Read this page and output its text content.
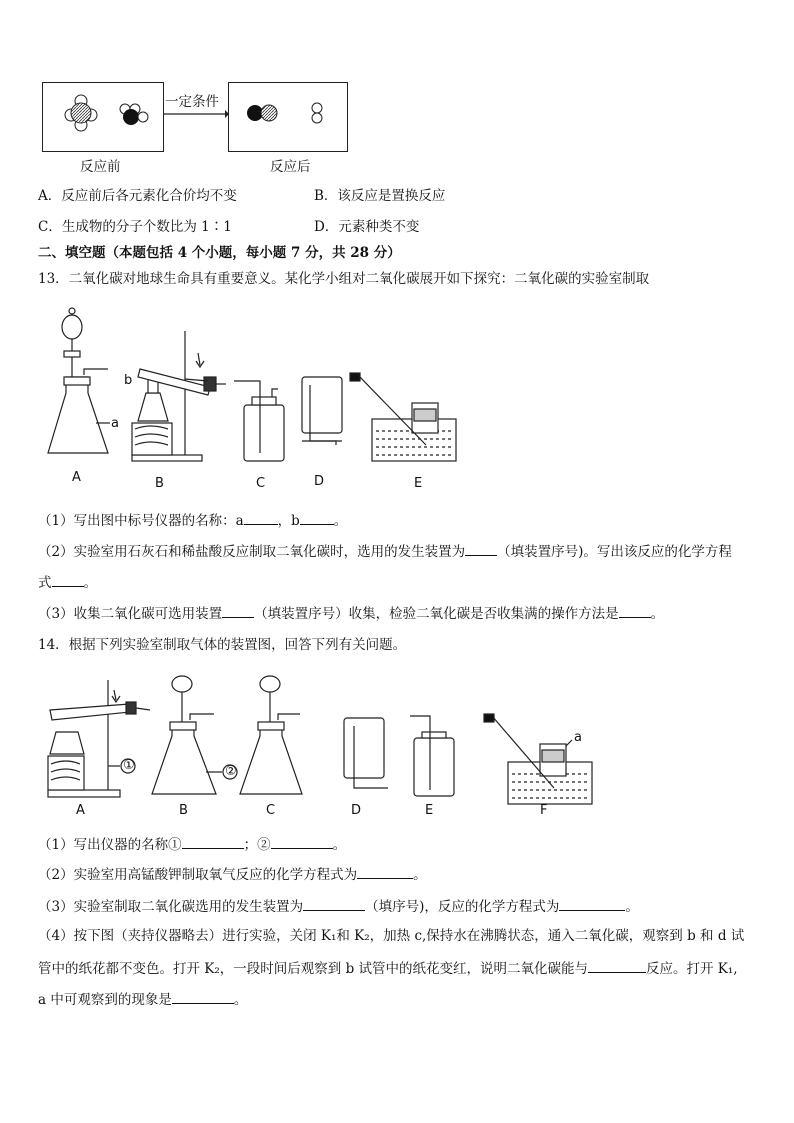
一定条件
反应前	反应后
A．反应前后各元素化合价均不变	B．该反应是置换反应
C．生成物的分子个数比为 1∶1	D．元素种类不变
二、填空题（本题包括 4 个小题，每小题 7 分，共 28 分）
13．二氧化碳对地球生命具有重要意义。某化学小组对二氧化碳展开如下探究：二氧化碳的实验室制取
a
b
A	B	C	D	E
（1）写出图中标号仪器的名称：a	，b	。
（2）实验室用石灰石和稀盐酸反应制取二氧化碳时，选用的发生装置为 （填装置序号)。写出该反应的化学方程
式 。
（3）收集二氧化碳可选用装置 （填装置序号）收集，检验二氧化碳是否收集满的操作方法是 。
14．根据下列实验室制取气体的装置图，回答下列有关问题。
①	②
a
A	B	C	D	E	F
（1）写出仪器的名称①	；②	。
（2）实验室用高锰酸钾制取氧气反应的化学方程式为	。
（3）实验室制取二氧化碳选用的发生装置为	（填序号)，反应的化学方程式为	。
（4）按下图（夹持仪器略去）进行实验，关闭 K₁和 K₂，加热 c,保持水在沸腾状态，通入二氧化碳，观察到 b 和 d 试
管中的纸花都不变色。打开 K₂，一段时间后观察到 b 试管中的纸花变红，说明二氧化碳能与	反应。打开 K₁,
a 中可观察到的现象是	。
